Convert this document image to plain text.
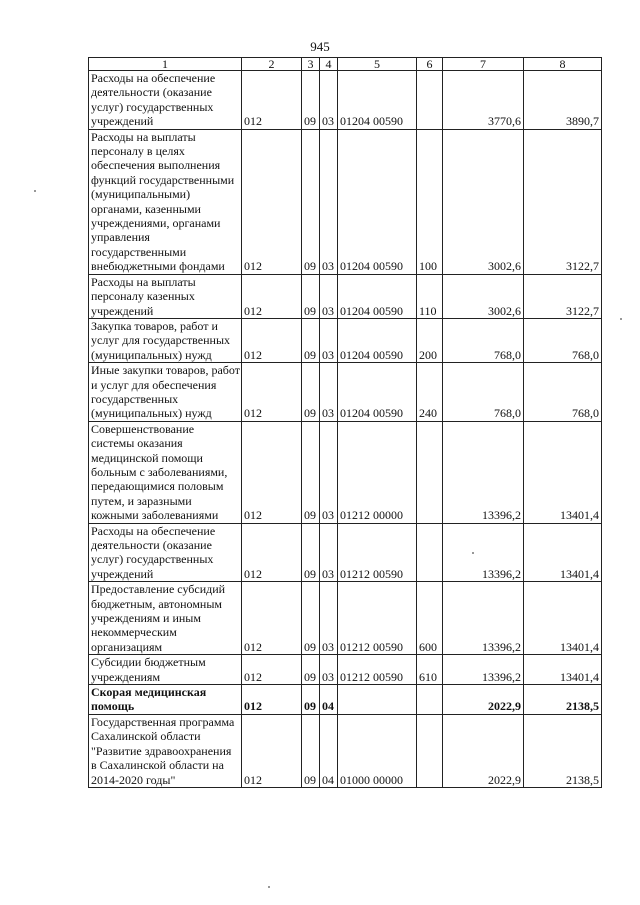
945
1	2	3	4	5	6	7	8
Расходы на обеспечение деятельности (оказание услуг) государственных учреждений	012	09	03	01204 00590		3770,6	3890,7
Расходы на выплаты персоналу в целях обеспечения выполнения функций государственными (муниципальными) органами, казенными учреждениями, органами управления государственными внебюджетными фондами	012	09	03	01204 00590	100	3002,6	3122,7
Расходы на выплаты персоналу казенных учреждений	012	09	03	01204 00590	110	3002,6	3122,7
Закупка товаров, работ и услуг для государственных (муниципальных) нужд	012	09	03	01204 00590	200	768,0	768,0
Иные закупки товаров, работ и услуг для обеспечения государственных (муниципальных) нужд	012	09	03	01204 00590	240	768,0	768,0
Совершенствование системы оказания медицинской помощи больным с заболеваниями, передающимися половым путем, и заразными кожными заболеваниями	012	09	03	01212 00000		13396,2	13401,4
Расходы на обеспечение деятельности (оказание услуг) государственных учреждений	012	09	03	01212 00590		13396,2	13401,4
Предоставление субсидий бюджетным, автономным учреждениям и иным некоммерческим организациям	012	09	03	01212 00590	600	13396,2	13401,4
Субсидии бюджетным учреждениям	012	09	03	01212 00590	610	13396,2	13401,4
Скорая медицинская помощь	012	09	04			2022,9	2138,5
Государственная программа Сахалинской области "Развитие здравоохранения в Сахалинской области на 2014-2020 годы"	012	09	04	01000 00000		2022,9	2138,5
